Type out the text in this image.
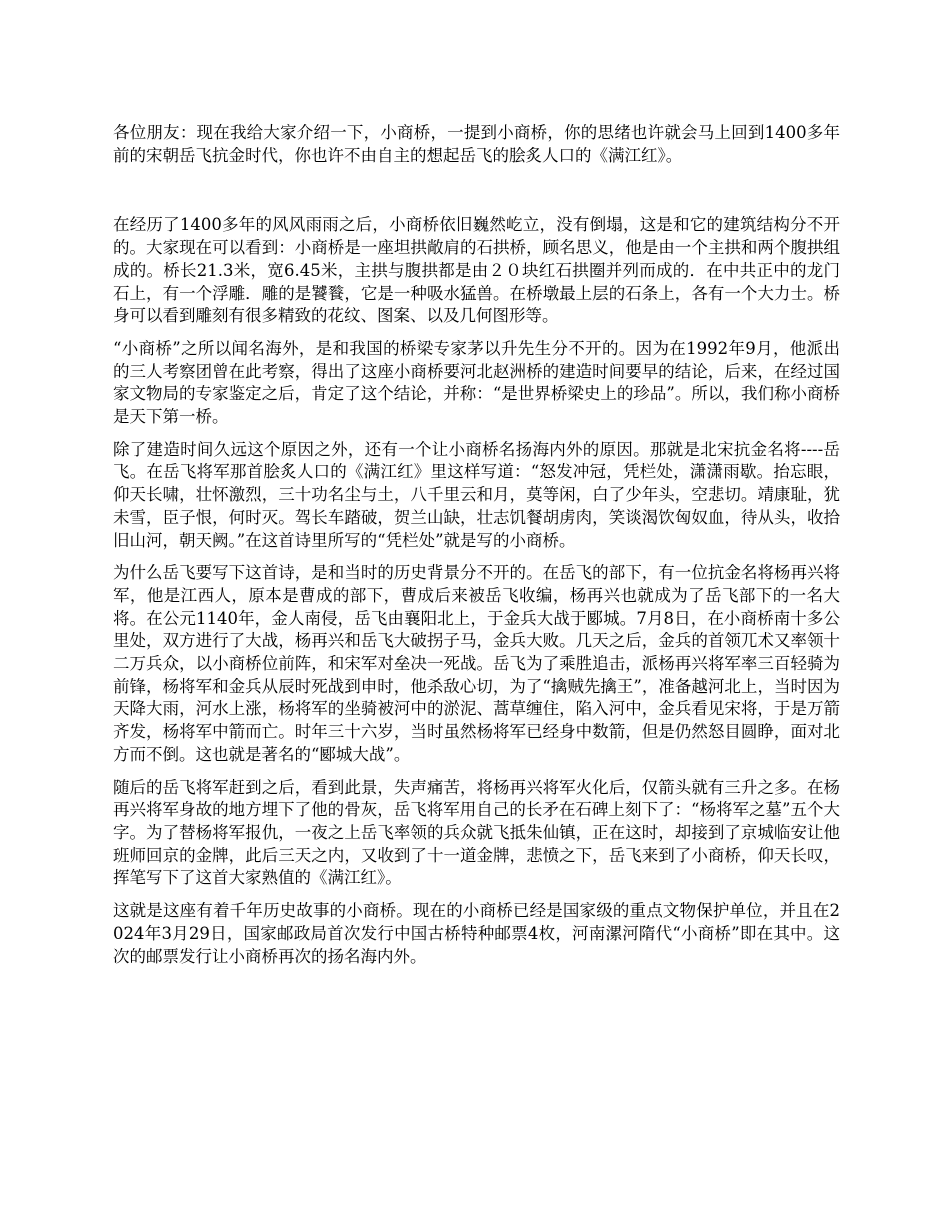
各位朋友：现在我给大家介绍一下，小商桥，一提到小商桥，你的思绪也许就会马上回到1400多年前的宋朝岳飞抗金时代，你也许不由自主的想起岳飞的脍炙人口的《满江红》。

在经历了1400多年的风风雨雨之后，小商桥依旧巍然屹立，没有倒塌，这是和它的建筑结构分不开的。大家现在可以看到：小商桥是一座坦拱敞肩的石拱桥，顾名思义，他是由一个主拱和两个腹拱组成的。桥长21.3米，宽6.45米，主拱与腹拱都是由２０块红石拱圈并列而成的．在中共正中的龙门石上，有一个浮雕．雕的是饕餮，它是一种吸水猛兽。在桥墩最上层的石条上，各有一个大力士。桥身可以看到雕刻有很多精致的花纹、图案、以及几何图形等。

“小商桥”之所以闻名海外，是和我国的桥梁专家茅以升先生分不开的。因为在1992年9月，他派出的三人考察团曾在此考察，得出了这座小商桥要河北赵洲桥的建造时间要早的结论，后来，在经过国家文物局的专家鉴定之后，肯定了这个结论，并称：“是世界桥梁史上的珍品”。所以，我们称小商桥是天下第一桥。

除了建造时间久远这个原因之外，还有一个让小商桥名扬海内外的原因。那就是北宋抗金名将----岳飞。在岳飞将军那首脍炙人口的《满江红》里这样写道：“怒发冲冠，凭栏处，潇潇雨歇。抬忘眼，仰天长啸，壮怀激烈，三十功名尘与土，八千里云和月，莫等闲，白了少年头，空悲切。靖康耻，犹未雪，臣子恨，何时灭。驾长车踏破，贺兰山缺，壮志饥餐胡虏肉，笑谈渴饮匈奴血，待从头，收拾旧山河，朝天阙。”在这首诗里所写的“凭栏处”就是写的小商桥。

为什么岳飞要写下这首诗，是和当时的历史背景分不开的。在岳飞的部下，有一位抗金名将杨再兴将军，他是江西人，原本是曹成的部下，曹成后来被岳飞收编，杨再兴也就成为了岳飞部下的一名大将。在公元1140年，金人南侵，岳飞由襄阳北上，于金兵大战于郾城。7月8日，在小商桥南十多公里处，双方进行了大战，杨再兴和岳飞大破拐子马，金兵大败。几天之后，金兵的首领兀术又率领十二万兵众，以小商桥位前阵，和宋军对垒决一死战。岳飞为了乘胜追击，派杨再兴将军率三百轻骑为前锋，杨将军和金兵从辰时死战到申时，他杀敌心切，为了“擒贼先擒王”，准备越河北上，当时因为天降大雨，河水上涨，杨将军的坐骑被河中的淤泥、蒿草缠住，陷入河中，金兵看见宋将，于是万箭齐发，杨将军中箭而亡。时年三十六岁，当时虽然杨将军已经身中数箭，但是仍然怒目圆睁，面对北方而不倒。这也就是著名的“郾城大战”。

随后的岳飞将军赶到之后，看到此景，失声痛苦，将杨再兴将军火化后，仅箭头就有三升之多。在杨再兴将军身故的地方埋下了他的骨灰，岳飞将军用自己的长矛在石碑上刻下了：“杨将军之墓”五个大字。为了替杨将军报仇，一夜之上岳飞率领的兵众就飞抵朱仙镇，正在这时，却接到了京城临安让他班师回京的金牌，此后三天之内，又收到了十一道金牌，悲愤之下，岳飞来到了小商桥，仰天长叹，挥笔写下了这首大家熟值的《满江红》。

这就是这座有着千年历史故事的小商桥。现在的小商桥已经是国家级的重点文物保护单位，并且在2024年3月29日，国家邮政局首次发行中国古桥特种邮票4枚，河南漯河隋代“小商桥”即在其中。这次的邮票发行让小商桥再次的扬名海内外。
